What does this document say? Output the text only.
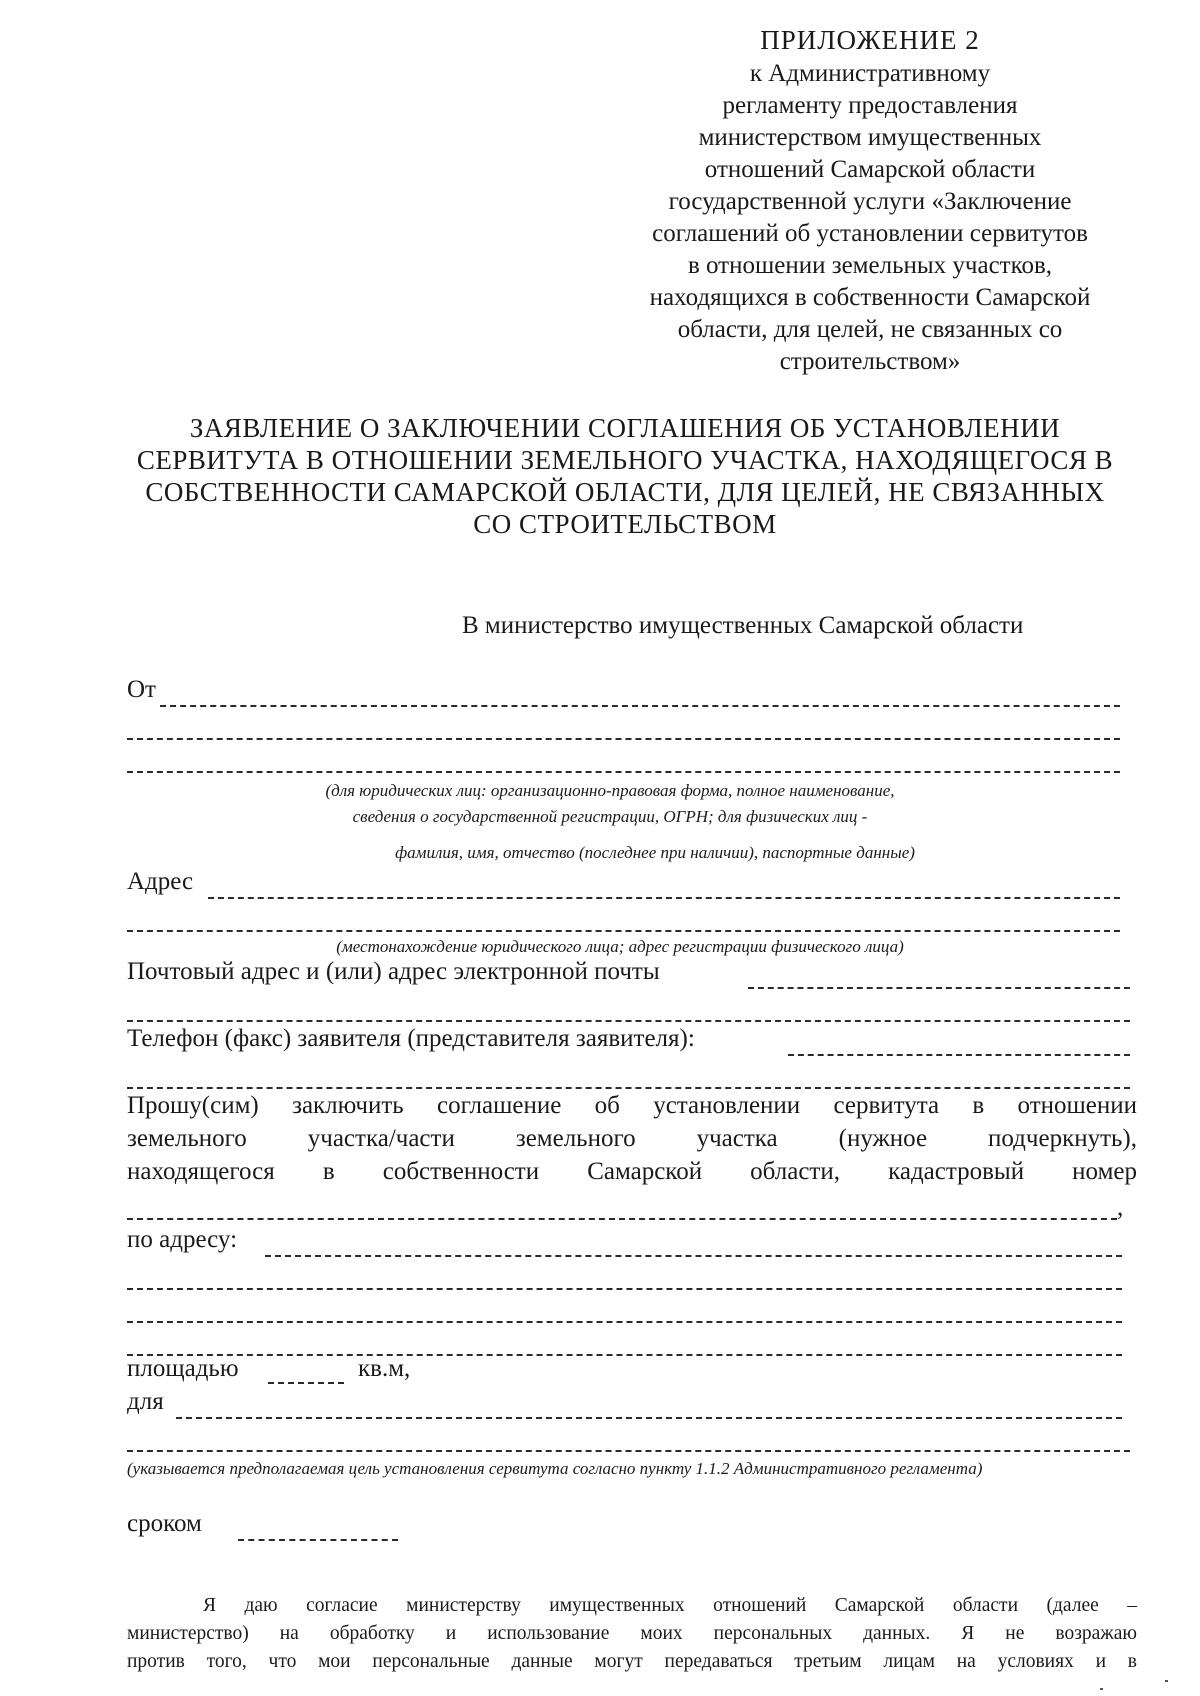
ПРИЛОЖЕНИЕ 2
к Административному
регламенту предоставления
министерством имущественных
отношений Самарской области
государственной услуги «Заключение
соглашений об установлении сервитутов
в отношении земельных участков,
находящихся в собственности Самарской
области, для целей, не связанных со
строительством»
ЗАЯВЛЕНИЕ О ЗАКЛЮЧЕНИИ СОГЛАШЕНИЯ ОБ УСТАНОВЛЕНИИ
СЕРВИТУТА В ОТНОШЕНИИ ЗЕМЕЛЬНОГО УЧАСТКА, НАХОДЯЩЕГОСЯ В
СОБСТВЕННОСТИ САМАРСКОЙ ОБЛАСТИ, ДЛЯ ЦЕЛЕЙ, НЕ СВЯЗАННЫХ
СО СТРОИТЕЛЬСТВОМ
В министерство имущественных Самарской области
От
(для юридических лиц: организационно-правовая форма, полное наименование,
сведения о государственной регистрации, ОГРН; для физических лиц -
фамилия, имя, отчество (последнее при наличии), паспортные данные)
Адрес
(местонахождение юридического лица; адрес регистрации физического лица)
Почтовый адрес и (или) адрес электронной почты
Телефон (факс) заявителя (представителя заявителя):
Прошу(сим) заключить соглашение об установлении сервитута в отношении
земельного участка/части земельного участка (нужное подчеркнуть),
находящегося в собственности Самарской области, кадастровый номер
,
по адресу:
площадью	кв.м,
для
(указывается предполагаемая цель установления сервитута согласно пункту 1.1.2 Административного регламента)
сроком
Я даю согласие министерству имущественных отношений Самарской области (далее –
министерство) на обработку и использование моих персональных данных. Я не возражаю
против того, что мои персональные данные могут передаваться третьим лицам на условиях и в
